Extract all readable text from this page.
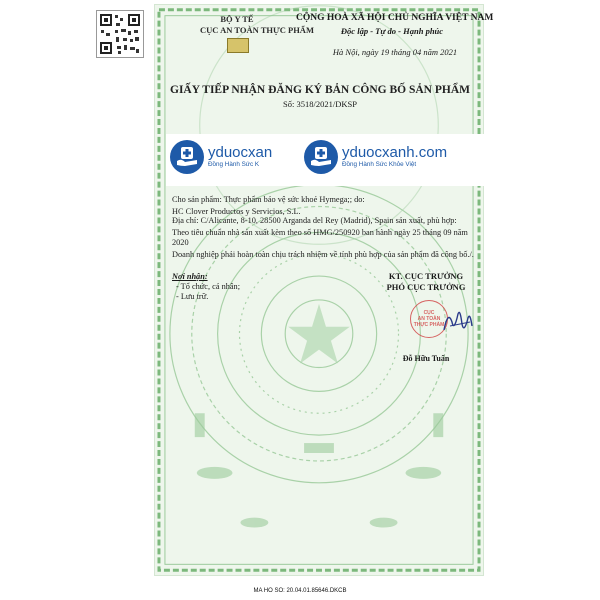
BỘ Y TẾ
CỤC AN TOÀN THỰC PHẨM
CỘNG HOÀ XÃ HỘI CHỦ NGHĨA VIỆT NAM
Độc lập - Tự do - Hạnh phúc
Hà Nội, ngày 19 tháng 04 năm 2021
GIẤY TIẾP NHẬN ĐĂNG KÝ BẢN CÔNG BỐ SẢN PHẨM
Số: 3518/2021/DKSP
yduocxan
Đồng Hành Sức K
yduocxanh.com
Đồng Hành Sức Khỏe Việt
Cho sản phẩm: Thực phẩm bảo vệ sức khoẻ Hymega;; do:
HC Clover Productos y Servicios, S.L.
Địa chỉ: C/Alicante, 8-10, 28500 Arganda del Rey (Madrid), Spain sản xuất, phù hợp:
Theo tiêu chuẩn nhà sản xuất kèm theo số HMG/250920 ban hành ngày 25 tháng 09 năm
2020
Doanh nghiệp phải hoàn toàn chịu trách nhiệm về tính phù hợp của sản phẩm đã công bố./.
Nơi nhận:
- Tổ chức, cá nhân;
- Lưu trữ.
KT. CỤC TRƯỞNG
PHÓ CỤC TRƯỞNG
CỤC
AN TOÀN
THỰC PHẨM
Đỗ Hữu Tuấn
MA HO SO: 20.04.01.85646.DKCB
